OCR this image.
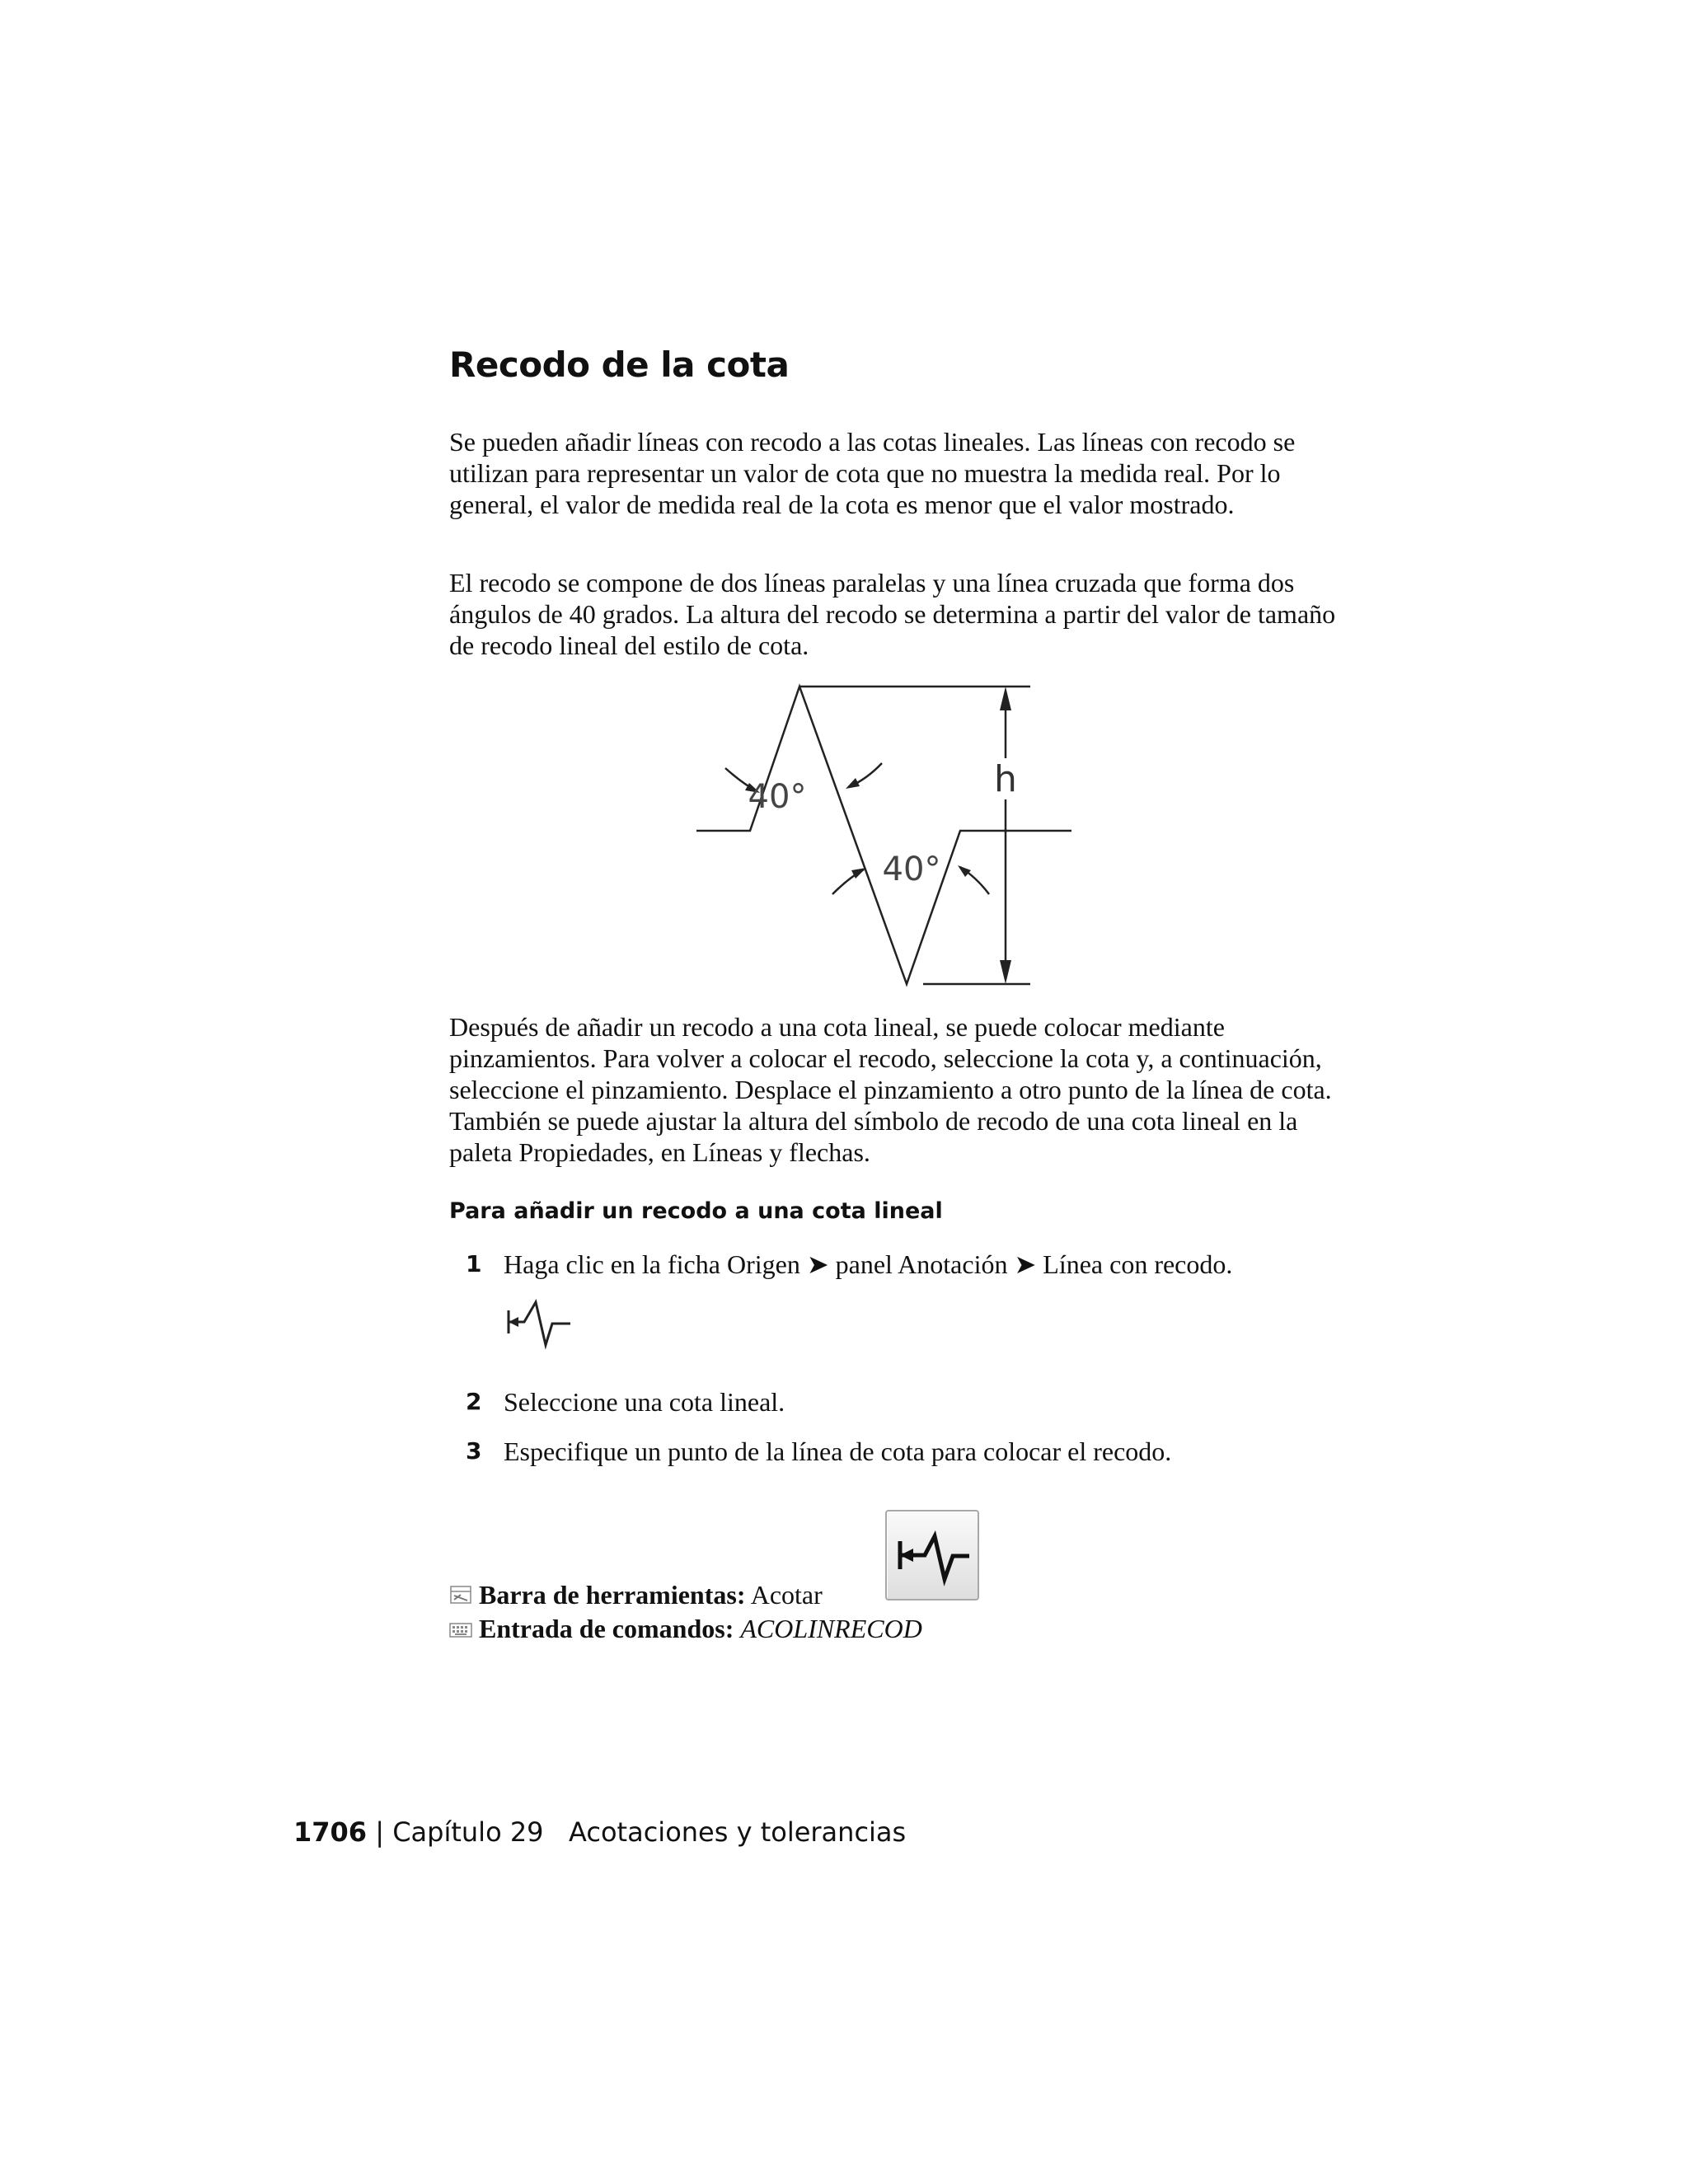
Recodo de la cota

Se pueden añadir líneas con recodo a las cotas lineales. Las líneas con recodo se utilizan para representar un valor de cota que no muestra la medida real. Por lo general, el valor de medida real de la cota es menor que el valor mostrado.

El recodo se compone de dos líneas paralelas y una línea cruzada que forma dos ángulos de 40 grados. La altura del recodo se determina a partir del valor de tamaño de recodo lineal del estilo de cota.

40°
40°
h

Después de añadir un recodo a una cota lineal, se puede colocar mediante pinzamientos. Para volver a colocar el recodo, seleccione la cota y, a continuación, seleccione el pinzamiento. Desplace el pinzamiento a otro punto de la línea de cota. También se puede ajustar la altura del símbolo de recodo de una cota lineal en la paleta Propiedades, en Líneas y flechas.

Para añadir un recodo a una cota lineal
1 Haga clic en la ficha Origen ➤ panel Anotación ➤ Línea con recodo.
2 Seleccione una cota lineal.
3 Especifique un punto de la línea de cota para colocar el recodo.
Barra de herramientas: Acotar
Entrada de comandos: ACOLINRECOD
1706 | Capítulo 29 Acotaciones y tolerancias
